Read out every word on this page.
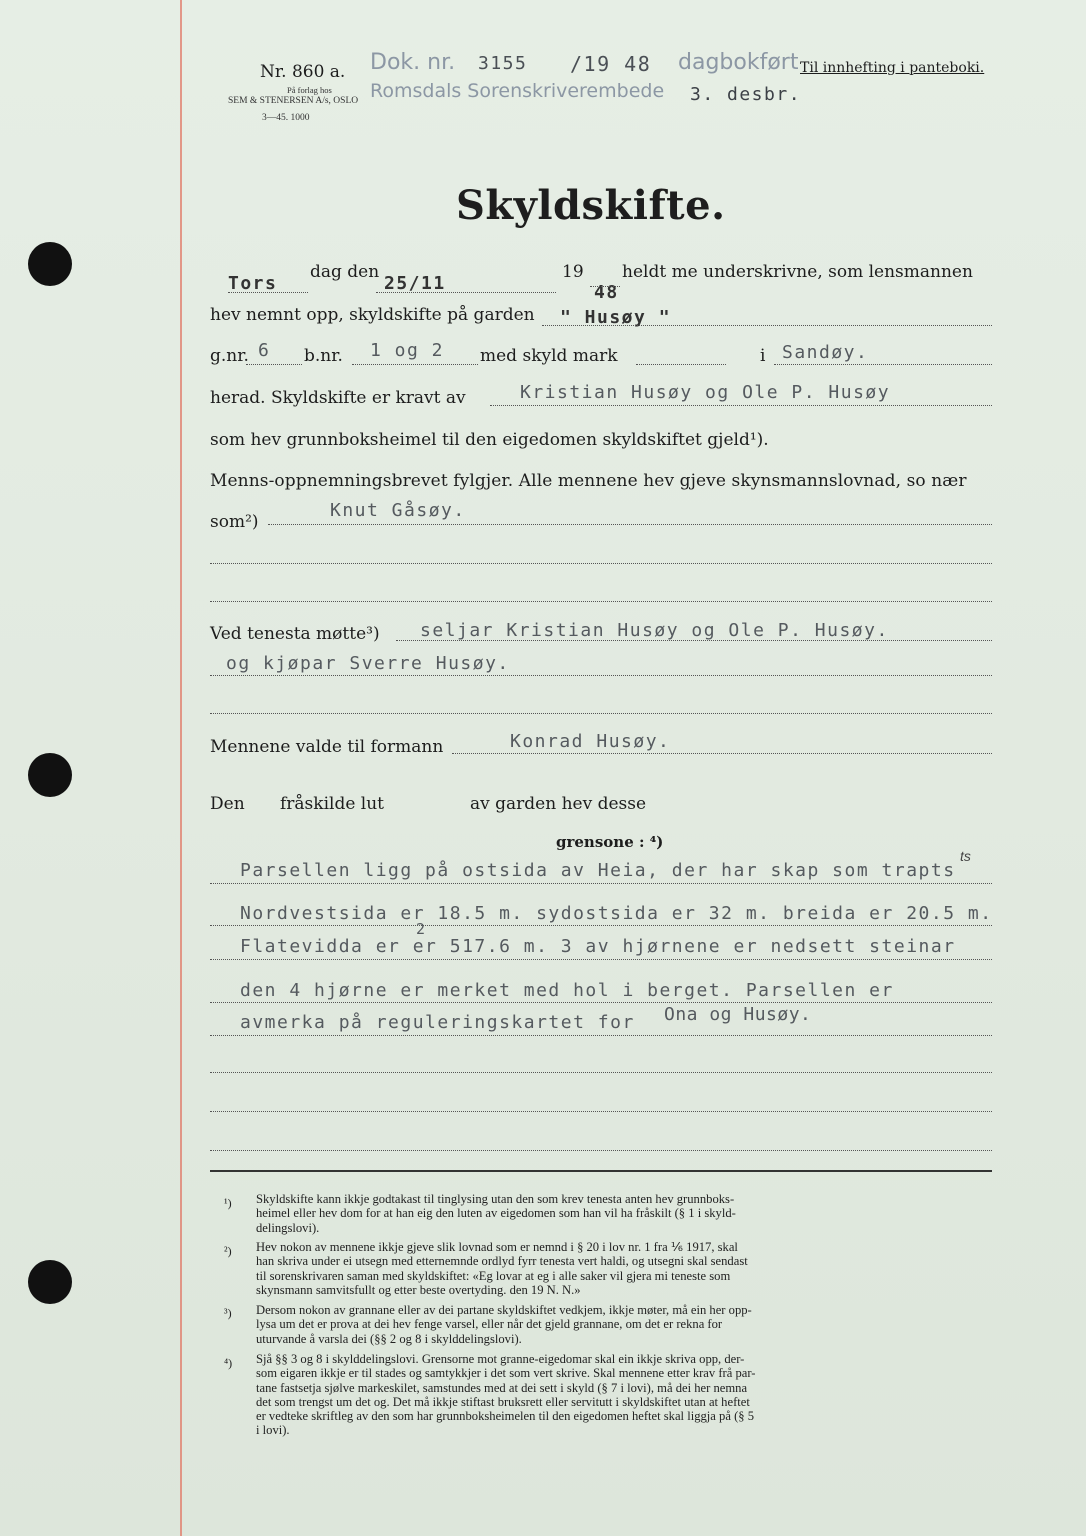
Nr. 860 a.
På forlag hos
SEM & STENERSEN A/s, OSLO
3—45. 1000
Dok. nr. 3155 /19 48 dagbokført
Romsdals Sorenskriverembede 3. desbr.
Til innhefting i panteboki.
Skyldskifte.
Tors
dag den
25/11
19
48
heldt me underskrivne, som lensmannen
hev nemnt opp, skyldskifte på garden " Husøy "
g.nr. 6 b.nr. 1 og 2 med skyld mark	i Sandøy.
herad. Skyldskifte er kravt av	Kristian Husøy og Ole P. Husøy
som hev grunnboksheimel til den eigedomen skyldskiftet gjeld¹).
Menns-oppnemningsbrevet fylgjer. Alle mennene hev gjeve skynsmannslovnad, so nær
som²)
Knut Gåsøy.
Ved tenesta møtte³) seljar Kristian Husøy og Ole P. Husøy.
og kjøpar Sverre Husøy.
Mennene valde til formann	Konrad Husøy.
Den fråskilde lut	av garden hev desse
grensone : ⁴)
Parsellen ligg på ostsida av Heia, der har skap som trapts
ts
Nordvestsida er 18.5 m. sydostsida er 32 m. breida er 20.5 m.
2
Flatevidda er er 517.6 m. 3 av hjørnene er nedsett steinar
den 4 hjørne er merket med hol i berget. Parsellen er
avmerka på reguleringskartet for Ona og Husøy.
¹) Skyldskifte kann ikkje godtakast til tinglysing utan den som krev tenesta anten hev grunnboks-
heimel eller hev dom for at han eig den luten av eigedomen som han vil ha fråskilt (§ 1 i skyld-
delingslovi).
²) Hev nokon av mennene ikkje gjeve slik lovnad som er nemnd i § 20 i lov nr. 1 fra ⅙ 1917, skal
han skriva under ei utsegn med etternemnde ordlyd fyrr tenesta vert haldi, og utsegni skal sendast
til sorenskrivaren saman med skyldskiftet: «Eg lovar at eg i alle saker vil gjera mi teneste som
skynsmann samvitsfullt og etter beste overtyding. den 19 N. N.»
³) Dersom nokon av grannane eller av dei partane skyldskiftet vedkjem, ikkje møter, må ein her opp-
lysa um det er prova at dei hev fenge varsel, eller når det gjeld grannane, om det er rekna for
uturvande å varsla dei (§§ 2 og 8 i skylddelingslovi).
⁴) Sjå §§ 3 og 8 i skylddelingslovi. Grensorne mot granne-eigedomar skal ein ikkje skriva opp, der-
som eigaren ikkje er til stades og samtykkjer i det som vert skrive. Skal mennene etter krav frå par-
tane fastsetja sjølve markeskilet, samstundes med at dei sett i skyld (§ 7 i lovi), må dei her nemna
det som trengst um det og. Det må ikkje stiftast bruksrett eller servitutt i skyldskiftet utan at heftet
er vedteke skriftleg av den som har grunnboksheimelen til den eigedomen heftet skal liggja på (§ 5
i lovi).
